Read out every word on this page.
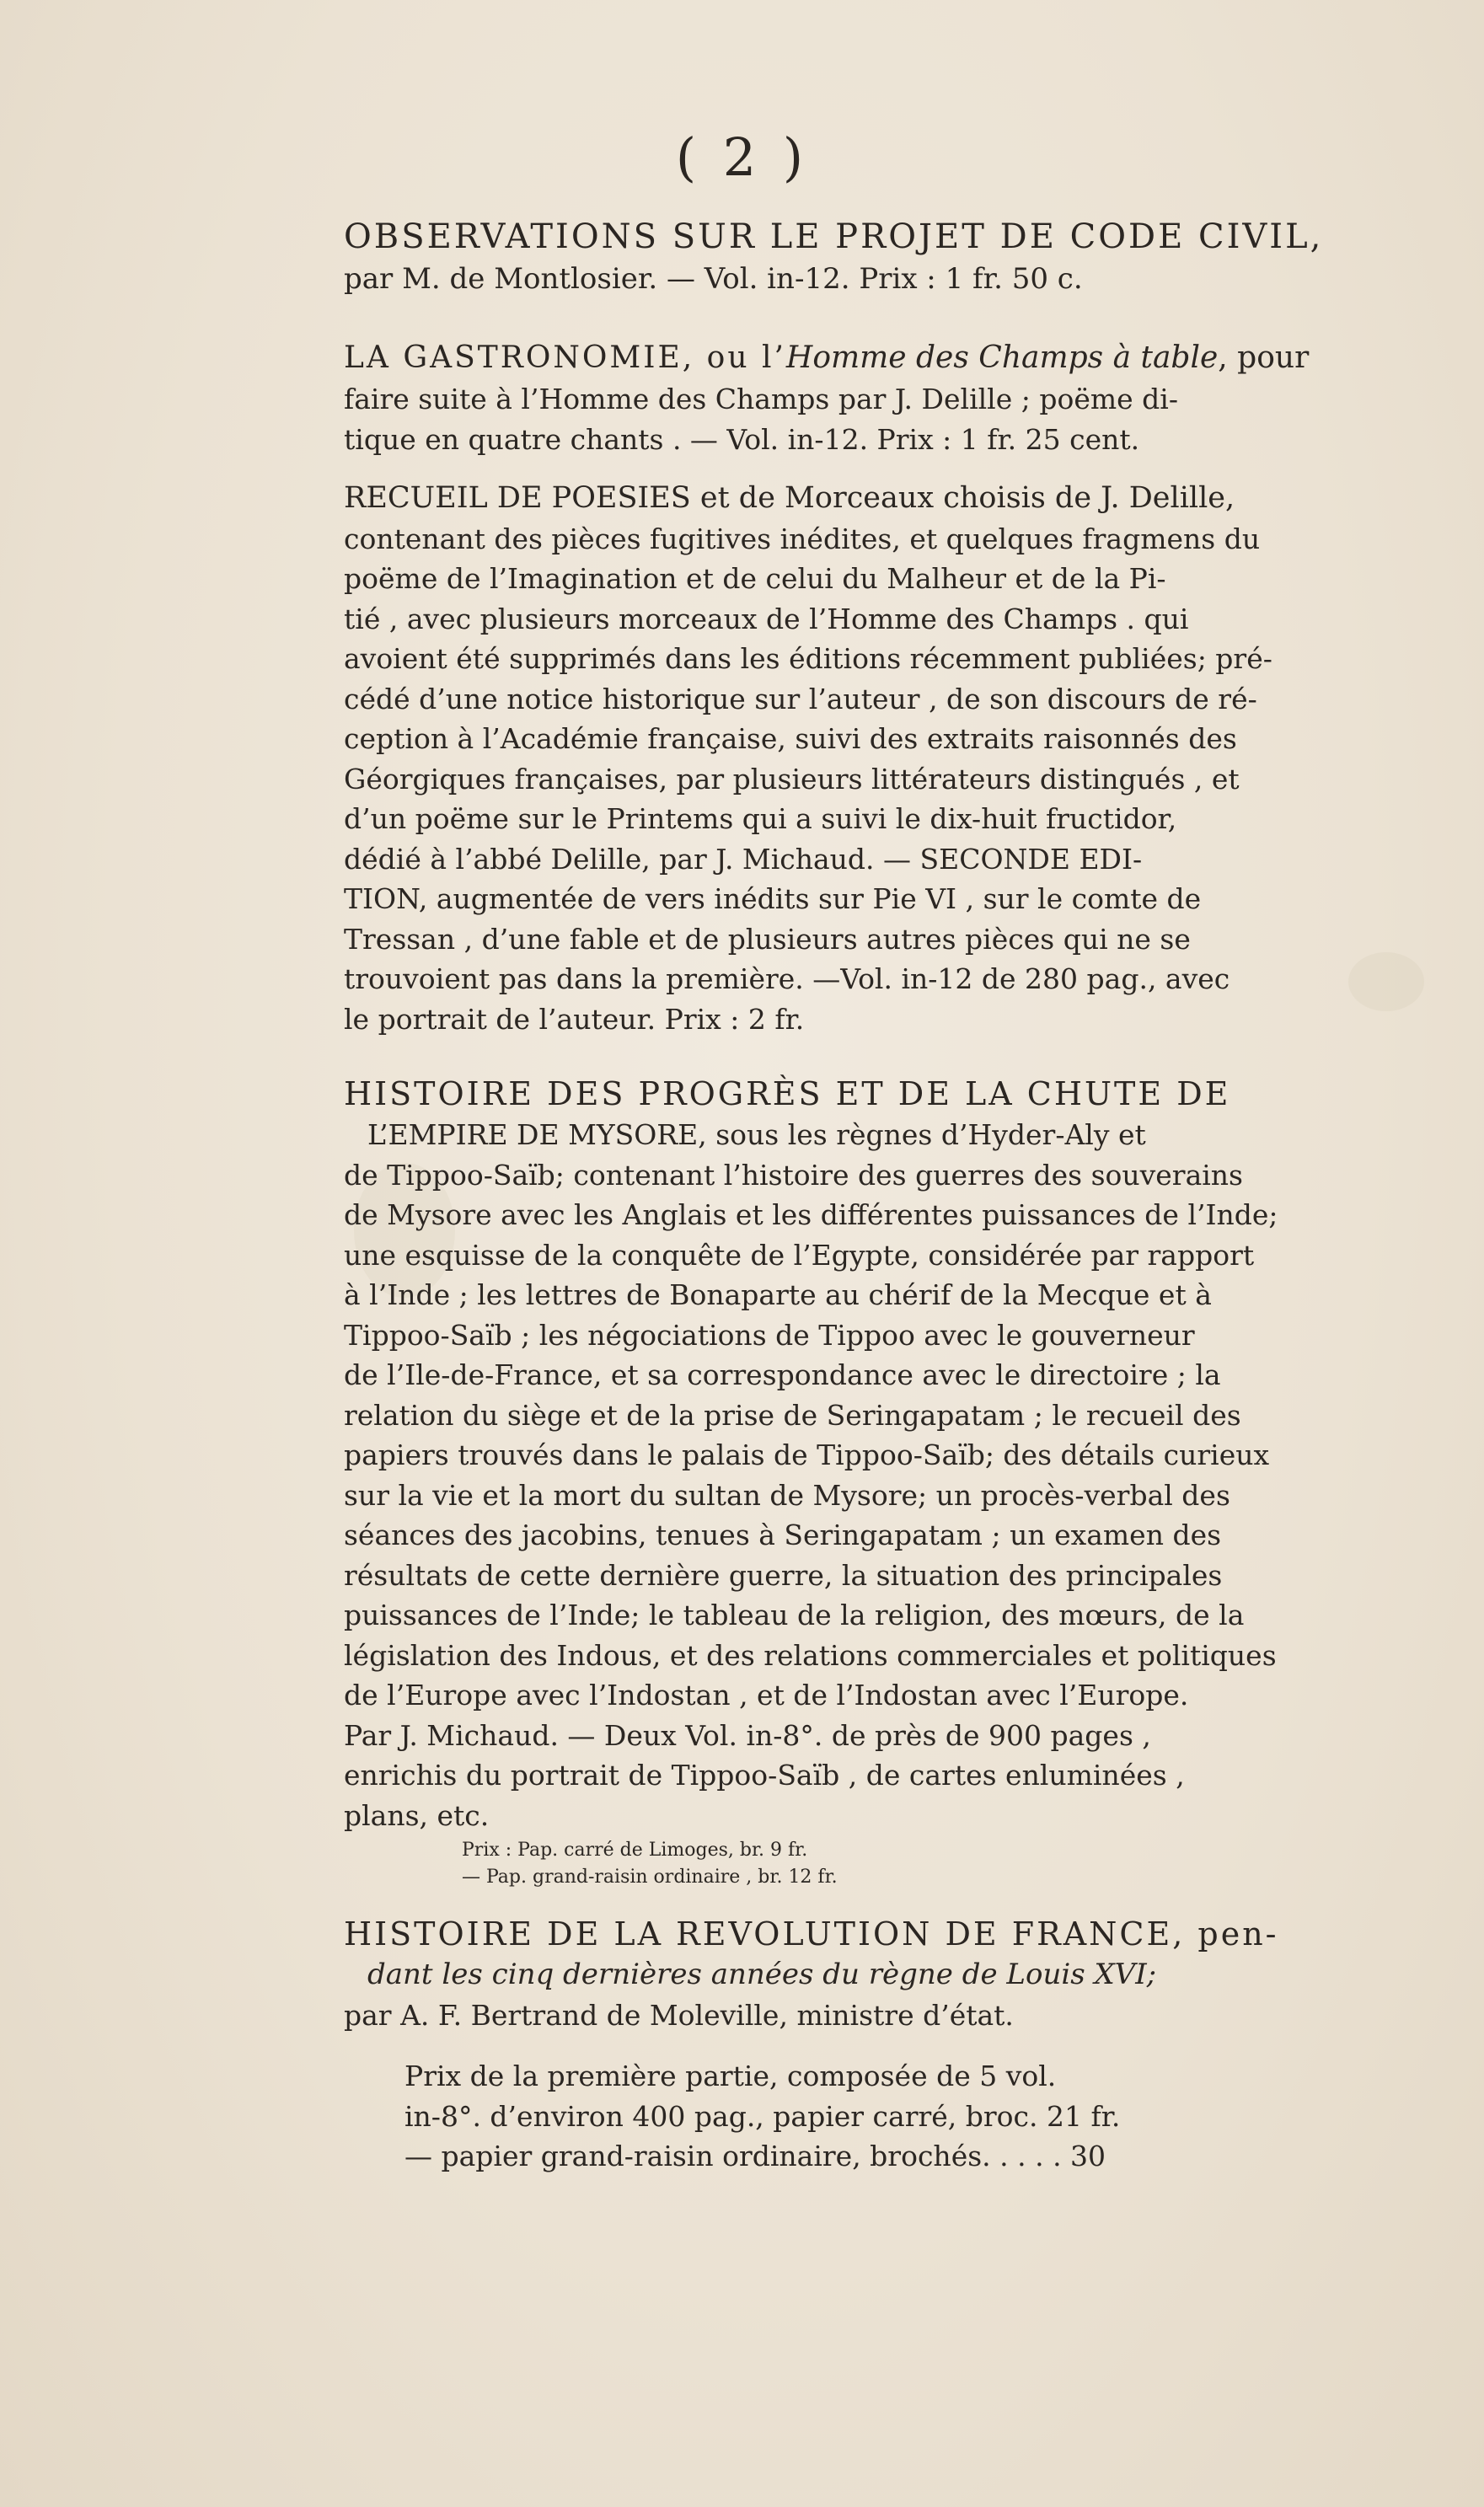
( 2 )

OBSERVATIONS SUR LE PROJET DE CODE CIVIL,

par M. de Montlosier. — Vol. in-12. Prix : 1 fr. 50 c.

LA GASTRONOMIE, ou l’Homme des Champs à table, pour

faire suite à l’Homme des Champs par J. Delille ; poëme di-

tique en quatre chants . — Vol. in-12. Prix : 1 fr. 25 cent.

RECUEIL DE POESIES et de Morceaux choisis de J. Delille,

contenant des pièces fugitives inédites, et quelques fragmens du

poëme de l’Imagination et de celui du Malheur et de la Pi-

tié , avec plusieurs morceaux de l’Homme des Champs . qui

avoient été supprimés dans les éditions récemment publiées; pré-

cédé d’une notice historique sur l’auteur , de son discours de ré-

ception à l’Académie française, suivi des extraits raisonnés des

Géorgiques françaises, par plusieurs littérateurs distingués , et

d’un poëme sur le Printems qui a suivi le dix-huit fructidor,

dédié à l’abbé Delille, par J. Michaud. — SECONDE EDI-

TION, augmentée de vers inédits sur Pie VI , sur le comte de

Tressan , d’une fable et de plusieurs autres pièces qui ne se

trouvoient pas dans la première. —Vol. in-12 de 280 pag., avec

le portrait de l’auteur. Prix : 2 fr.

HISTOIRE DES PROGRÈS ET DE LA CHUTE DE

L’EMPIRE DE MYSORE, sous les règnes d’Hyder-Aly et

de Tippoo-Saïb; contenant l’histoire des guerres des souverains

de Mysore avec les Anglais et les différentes puissances de l’Inde;

une esquisse de la conquête de l’Egypte, considérée par rapport

à l’Inde ; les lettres de Bonaparte au chérif de la Mecque et à

Tippoo-Saïb ; les négociations de Tippoo avec le gouverneur

de l’Ile-de-France, et sa correspondance avec le directoire ; la

relation du siège et de la prise de Seringapatam ; le recueil des

papiers trouvés dans le palais de Tippoo-Saïb; des détails curieux

sur la vie et la mort du sultan de Mysore; un procès-verbal des

séances des jacobins, tenues à Seringapatam ; un examen des

résultats de cette dernière guerre, la situation des principales

puissances de l’Inde; le tableau de la religion, des mœurs, de la

législation des Indous, et des relations commerciales et politiques

de l’Europe avec l’Indostan , et de l’Indostan avec l’Europe.

Par J. Michaud. — Deux Vol. in-8°. de près de 900 pages ,

enrichis du portrait de Tippoo-Saïb , de cartes enluminées ,

plans, etc.

Prix : Pap. carré de Limoges, br. 9 fr.
— Pap. grand-raisin ordinaire , br. 12 fr.

HISTOIRE DE LA REVOLUTION DE FRANCE, pen-

dant les cinq dernières années du règne de Louis XVI;

par A. F. Bertrand de Moleville, ministre d’état.

Prix de la première partie, composée de 5 vol.

in-8°. d’environ 400 pag., papier carré, broc. 21 fr.

— papier grand-raisin ordinaire, brochés. . . . . 30
